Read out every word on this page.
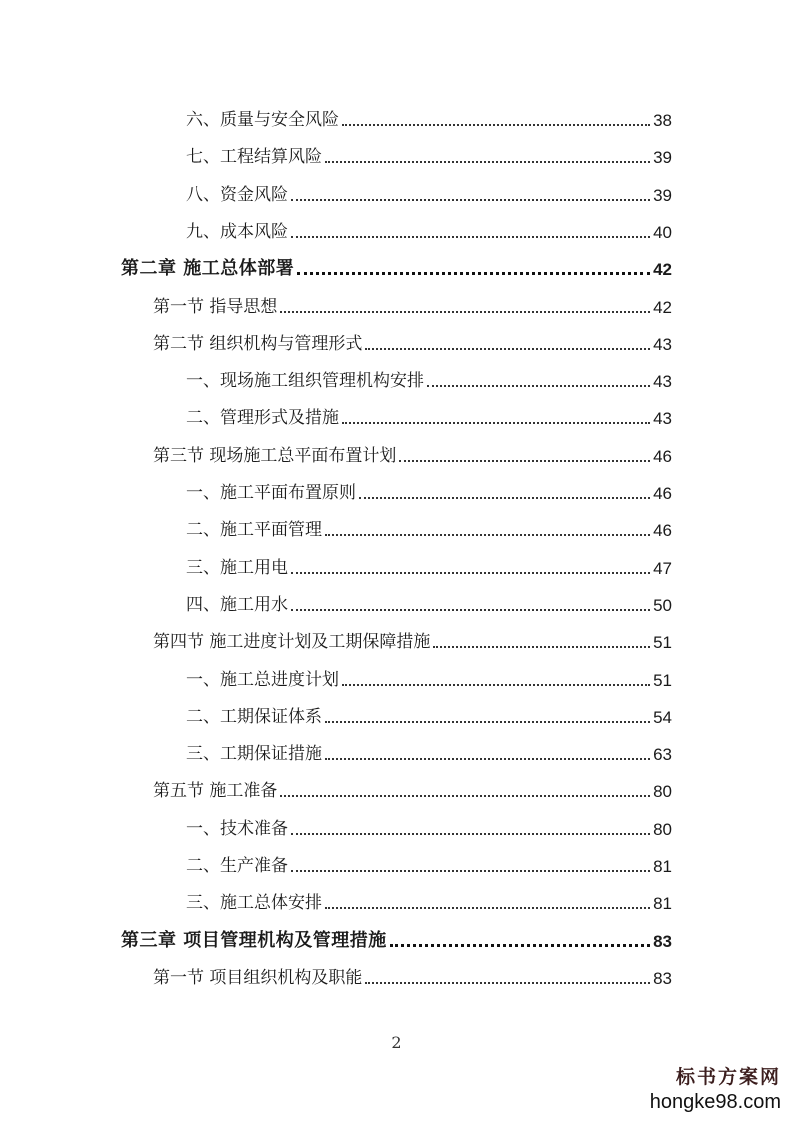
六、质量与安全风险	38
七、工程结算风险	39
八、资金风险	39
九、成本风险	40
第二章 施工总体部署	42
第一节 指导思想	42
第二节 组织机构与管理形式	43
一、现场施工组织管理机构安排	43
二、管理形式及措施	43
第三节 现场施工总平面布置计划	46
一、施工平面布置原则	46
二、施工平面管理	46
三、施工用电	47
四、施工用水	50
第四节 施工进度计划及工期保障措施	51
一、施工总进度计划	51
二、工期保证体系	54
三、工期保证措施	63
第五节 施工准备	80
一、技术准备	80
二、生产准备	81
三、施工总体安排	81
第三章 项目管理机构及管理措施	83
第一节 项目组织机构及职能	83
2
标书方案网
hongke98.com
